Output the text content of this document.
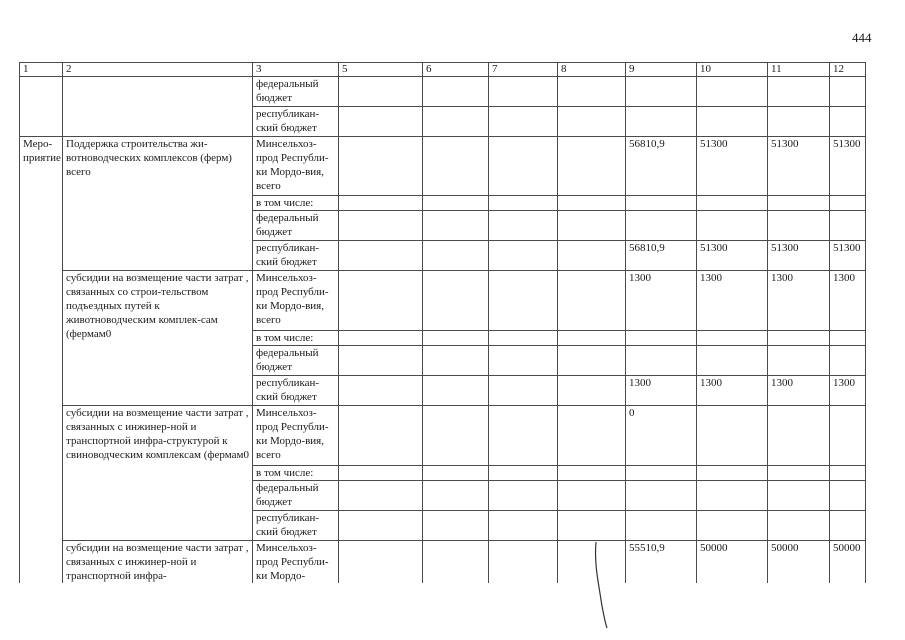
444
1	2	3	5	6	7	8	9	10	11	12
		федеральный бюджет								
		республикан-ский бюджет								
Меро-приятие	Поддержка строительства жи-вотноводческих комплексов (ферм) всего	Минсельхоз-прод Республи-ки Мордо-вия, всего					56810,9	51300	51300	51300
		в том числе:								
		федеральный бюджет								
		республикан-ский бюджет					56810,9	51300	51300	51300
	субсидии на возмещение части затрат , связанных со строи-тельством подъездных путей к животноводческим комплек-сам (фермам0	Минсельхоз-прод Республи-ки Мордо-вия, всего					1300	1300	1300	1300
		в том числе:								
		федеральный бюджет								
		республикан-ский бюджет					1300	1300	1300	1300
	субсидии на возмещение части затрат , связанных с инжинер-ной и транспортной инфра-структурой к свиноводческим комплексам (фермам0	Минсельхоз-прод Республи-ки Мордо-вия, всего					0			
		в том числе:								
		федеральный бюджет								
		республикан-ский бюджет								
	субсидии на возмещение части затрат , связанных с инжинер-ной и транспортной инфра-	Минсельхоз-прод Республи-ки Мордо-					55510,9	50000	50000	50000
